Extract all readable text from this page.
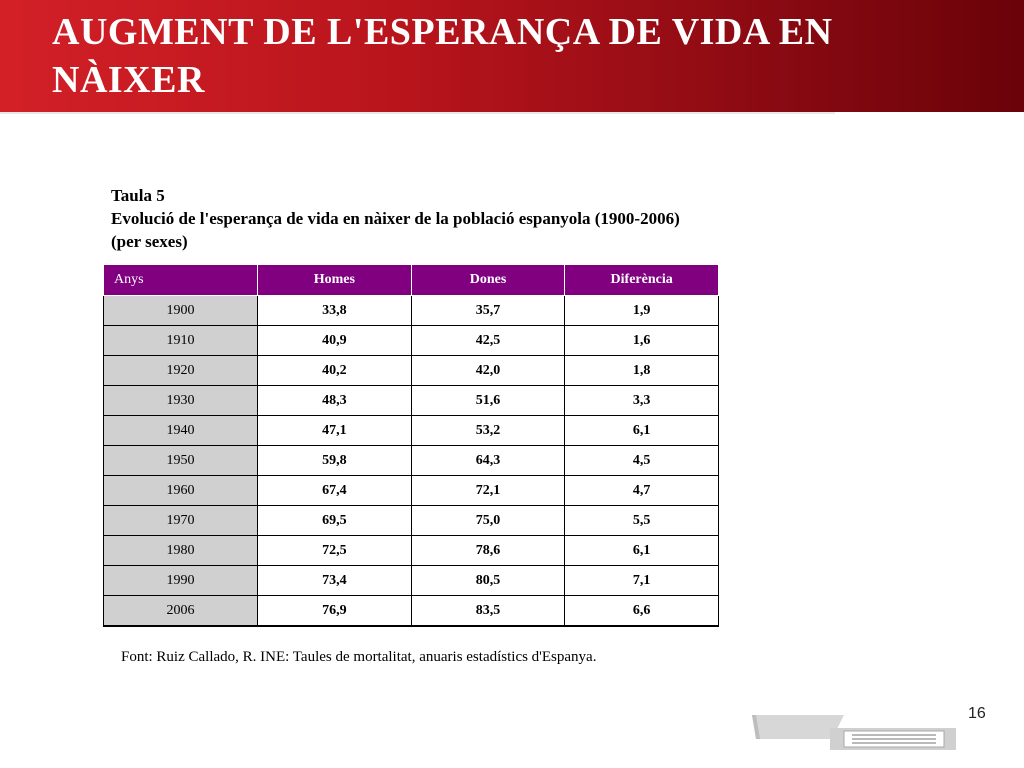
AUGMENT DE L'ESPERANÇA DE VIDA EN NÀIXER
Taula 5
Evolució de l'esperança de vida en nàixer de la població espanyola (1900-2006)
(per sexes)
Anys	Homes	Dones	Diferència
1900	33,8	35,7	1,9
1910	40,9	42,5	1,6
1920	40,2	42,0	1,8
1930	48,3	51,6	3,3
1940	47,1	53,2	6,1
1950	59,8	64,3	4,5
1960	67,4	72,1	4,7
1970	69,5	75,0	5,5
1980	72,5	78,6	6,1
1990	73,4	80,5	7,1
2006	76,9	83,5	6,6
Font: Ruiz Callado, R. INE: Taules de mortalitat, anuaris estadístics d'Espanya.
16
